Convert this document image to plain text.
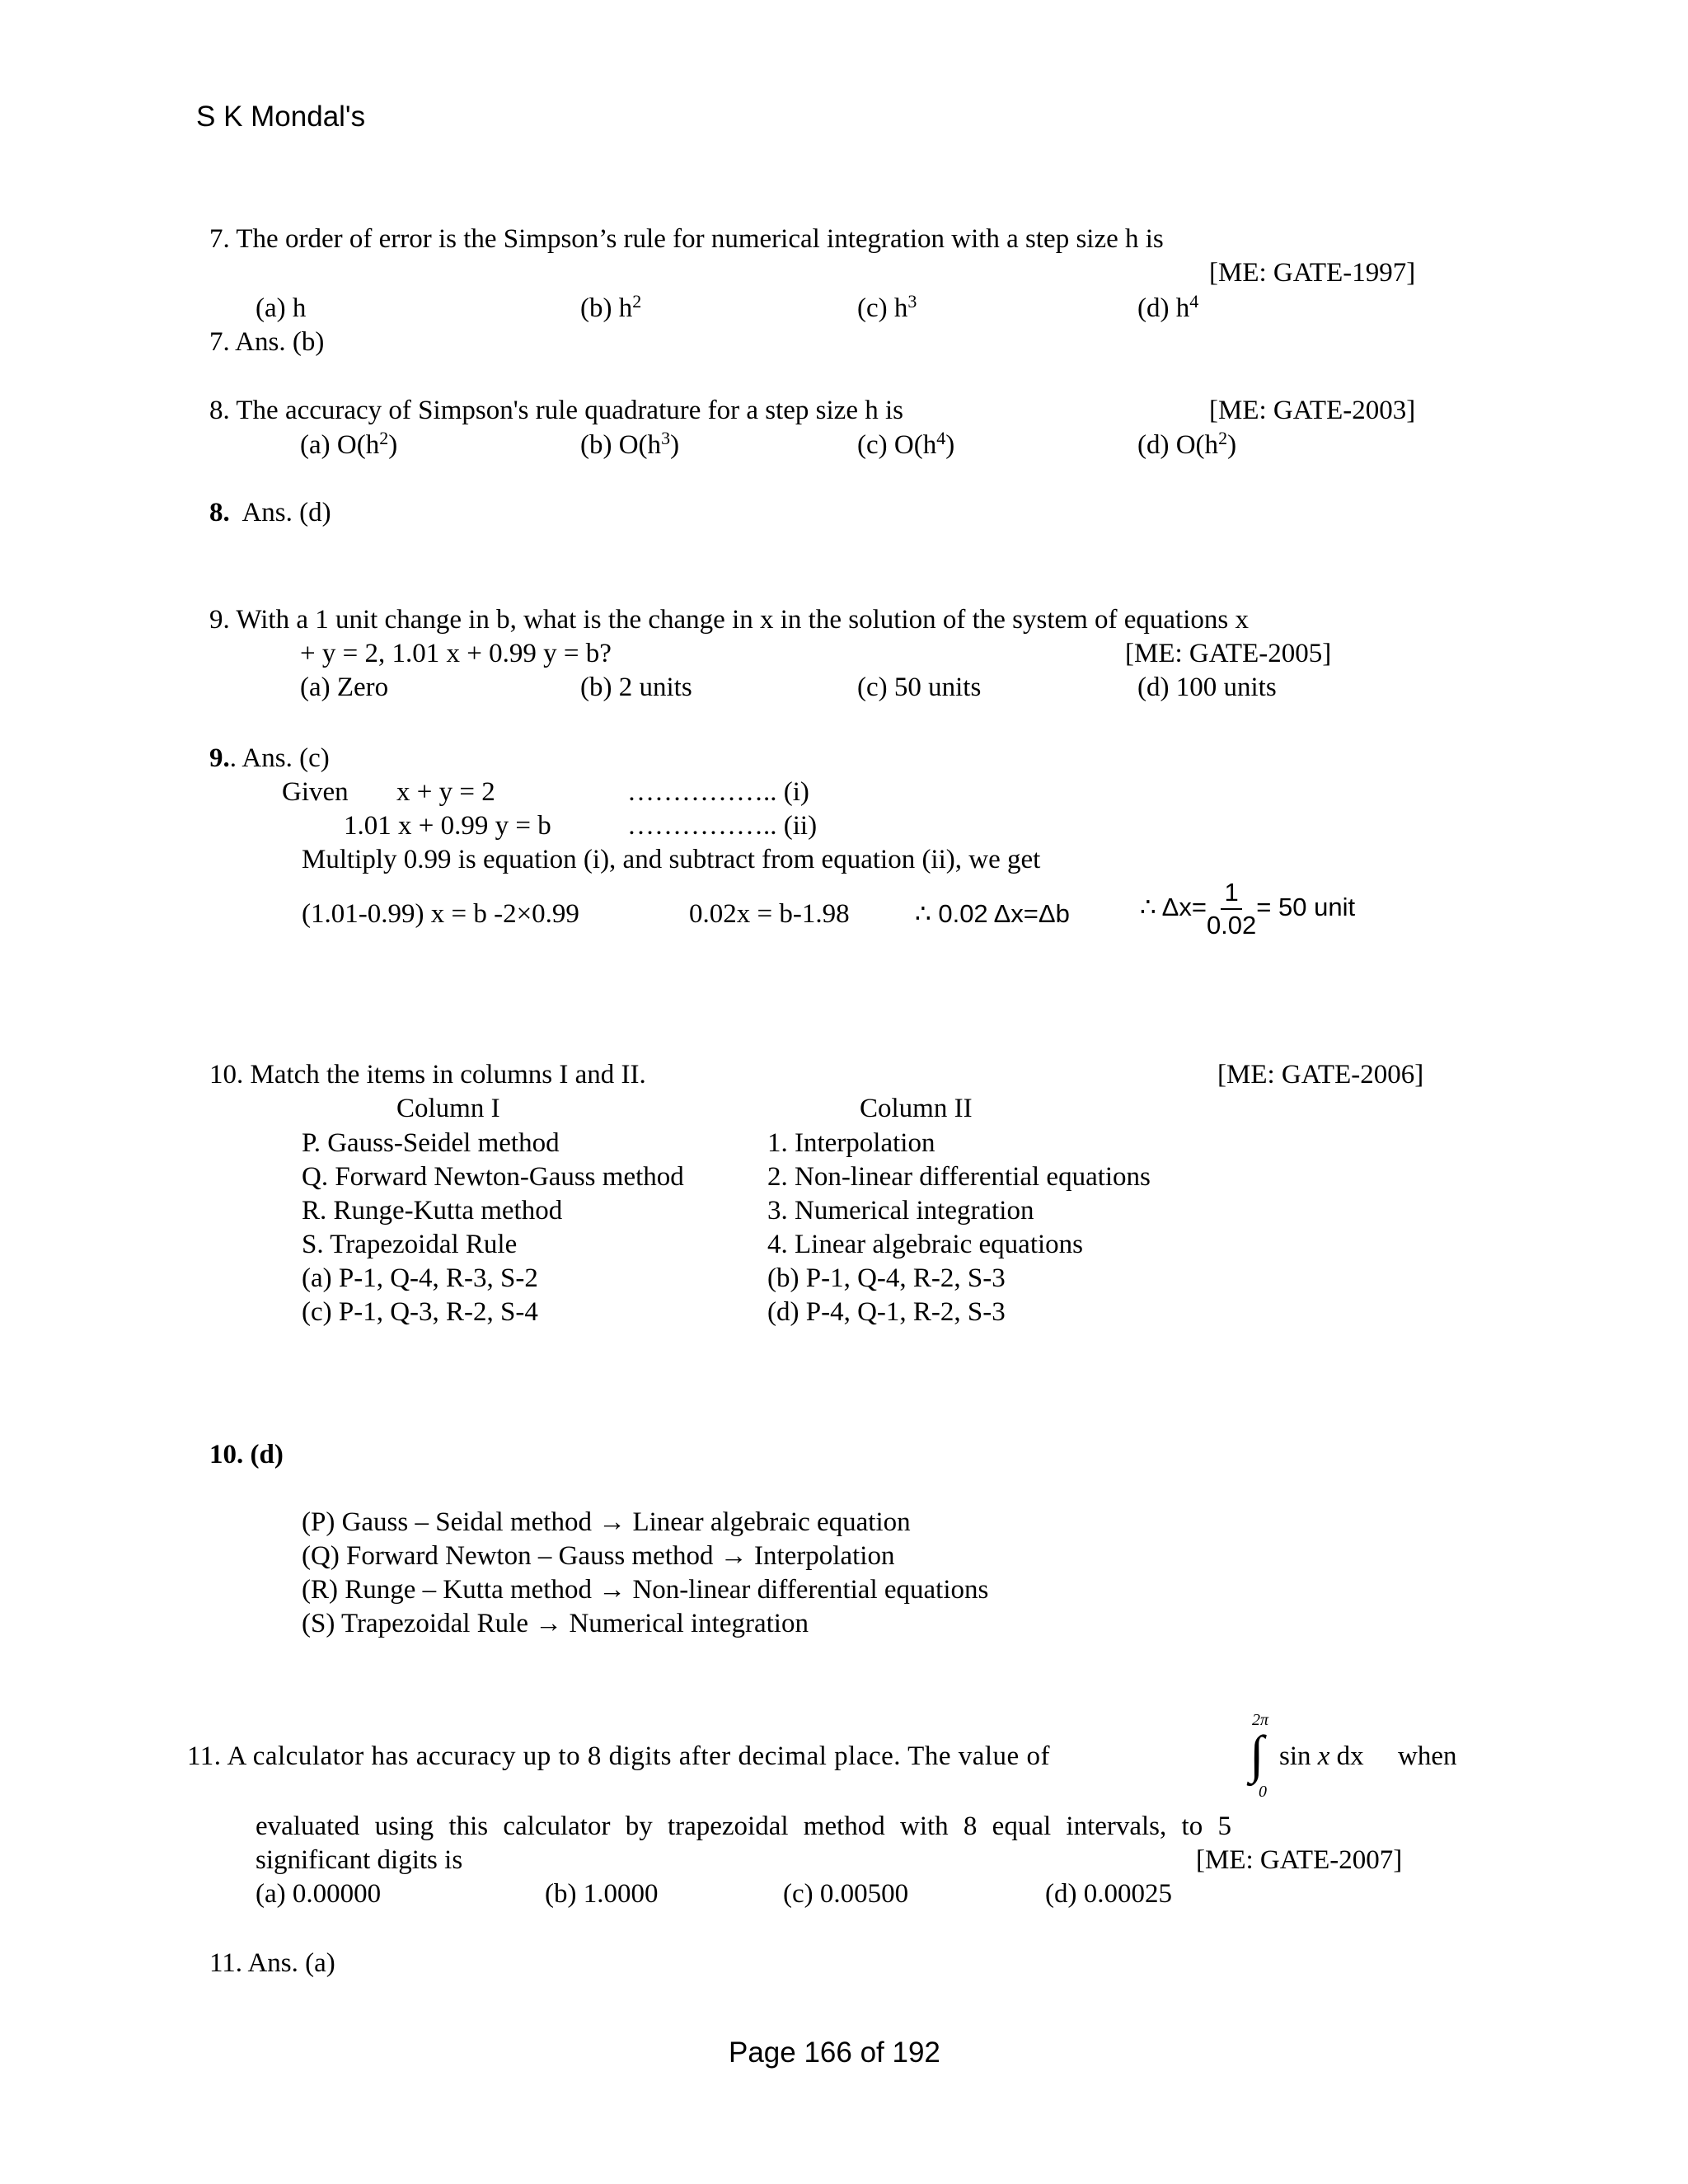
S K Mondal's
7. The order of error is the Simpson’s rule for numerical integration with a step size h is
[ME: GATE-1997]
(a) h	(b) $h^2$	(c) $h^3$	(d) $h^4$
7. Ans. (b)
8. The accuracy of Simpson's rule quadrature for a step size h is	[ME: GATE-2003]
(a) $O(h^2)$	(b) $O(h^3)$	(c) $O(h^4)$	(d) $O(h^2)$
8. Ans. (d)
9. With a 1 unit change in b, what is the change in x in the solution of the system of equations x
+ y = 2, 1.01 x + 0.99 y = b?	[ME: GATE-2005]
(a) Zero	(b) 2 units	(c) 50 units	(d) 100 units
9.. Ans. (c)
Given x + y = 2	…………….. (i)
1.01 x + 0.99 y = b	…………….. (ii)
Multiply 0.99 is equation (i), and subtract from equation (ii), we get
(1.01-0.99) x = b -2×0.99	0.02x = b-1.98	∴ 0.02 Δx=Δb	∴ $\Delta x= \frac{1}{0.02} = 50$ unit
10. Match the items in columns I and II.	[ME: GATE-2006]
Column I	Column II
P. Gauss-Seidel method	1. Interpolation
Q. Forward Newton-Gauss method	2. Non-linear differential equations
R. Runge-Kutta method	3. Numerical integration
S. Trapezoidal Rule	4. Linear algebraic equations
(a) P-1, Q-4, R-3, S-2	(b) P-1, Q-4, R-2, S-3
(c) P-1, Q-3, R-2, S-4	(d) P-4, Q-1, R-2, S-3
10. (d)
(P) Gauss – Seidal method → Linear algebraic equation
(Q) Forward Newton – Gauss method → Interpolation
(R) Runge – Kutta method → Non-linear differential equations
(S) Trapezoidal Rule → Numerical integration
11. A calculator has accuracy up to 8 digits after decimal place. The value of
2π
∫
0
sin x dx when
evaluated using this calculator by trapezoidal method with 8 equal intervals, to 5
significant digits is	[ME: GATE-2007]
(a) 0.00000	(b) 1.0000	(c) 0.00500	(d) 0.00025
11. Ans. (a)
Page 166 of 192
